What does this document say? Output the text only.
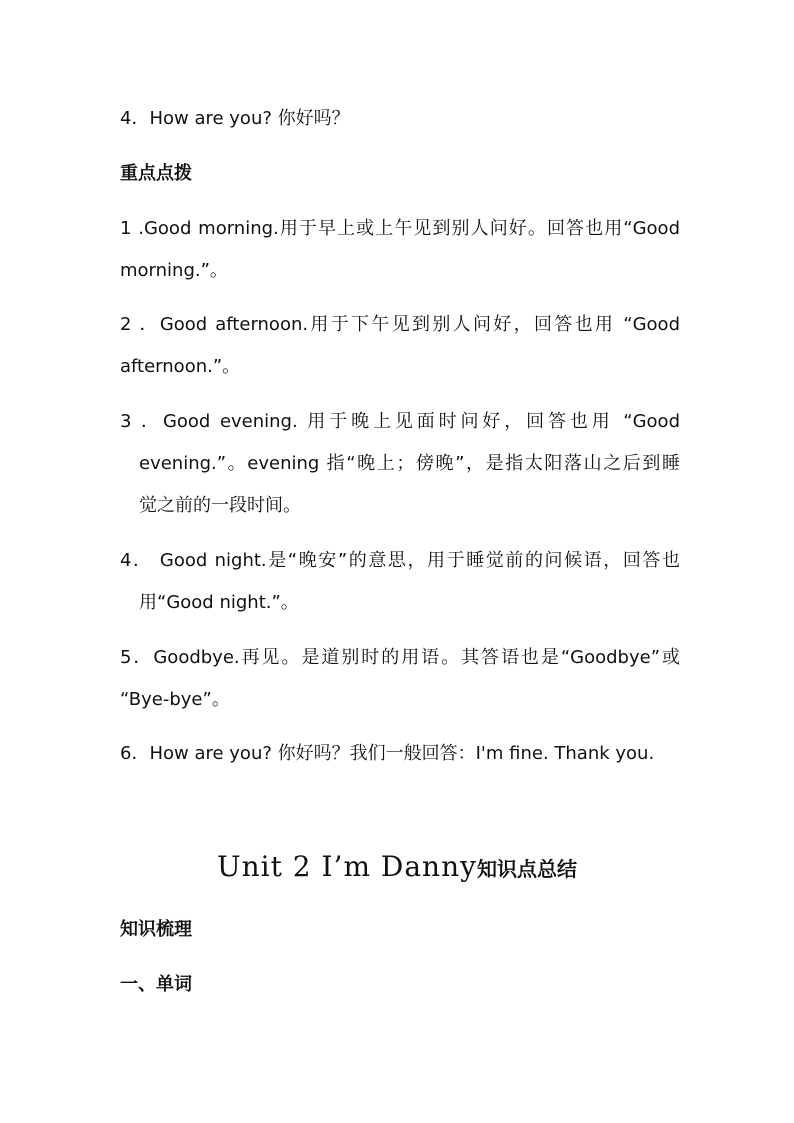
4．How are you? 你好吗？
重点点拨
1 .Good morning.用于早上或上午见到别人问好。回答也用“Good
morning.”。
2 ．Good afternoon.用于下午见到别人问好，回答也用 “Good
afternoon.”。
3 ．Good evening. 用于晚上见面时问好，回答也用 “Good
evening.”。evening 指“晚上；傍晚”，是指太阳落山之后到睡
觉之前的一段时间。
4． Good night.是“晚安”的意思，用于睡觉前的问候语，回答也
用“Good night.”。
5．Goodbye.再见。是道别时的用语。其答语也是“Goodbye”或
“Bye-bye”。
6．How are you? 你好吗？我们一般回答：I'm fine. Thank you.
Unit 2 I’m Danny知识点总结
知识梳理
一、单词
